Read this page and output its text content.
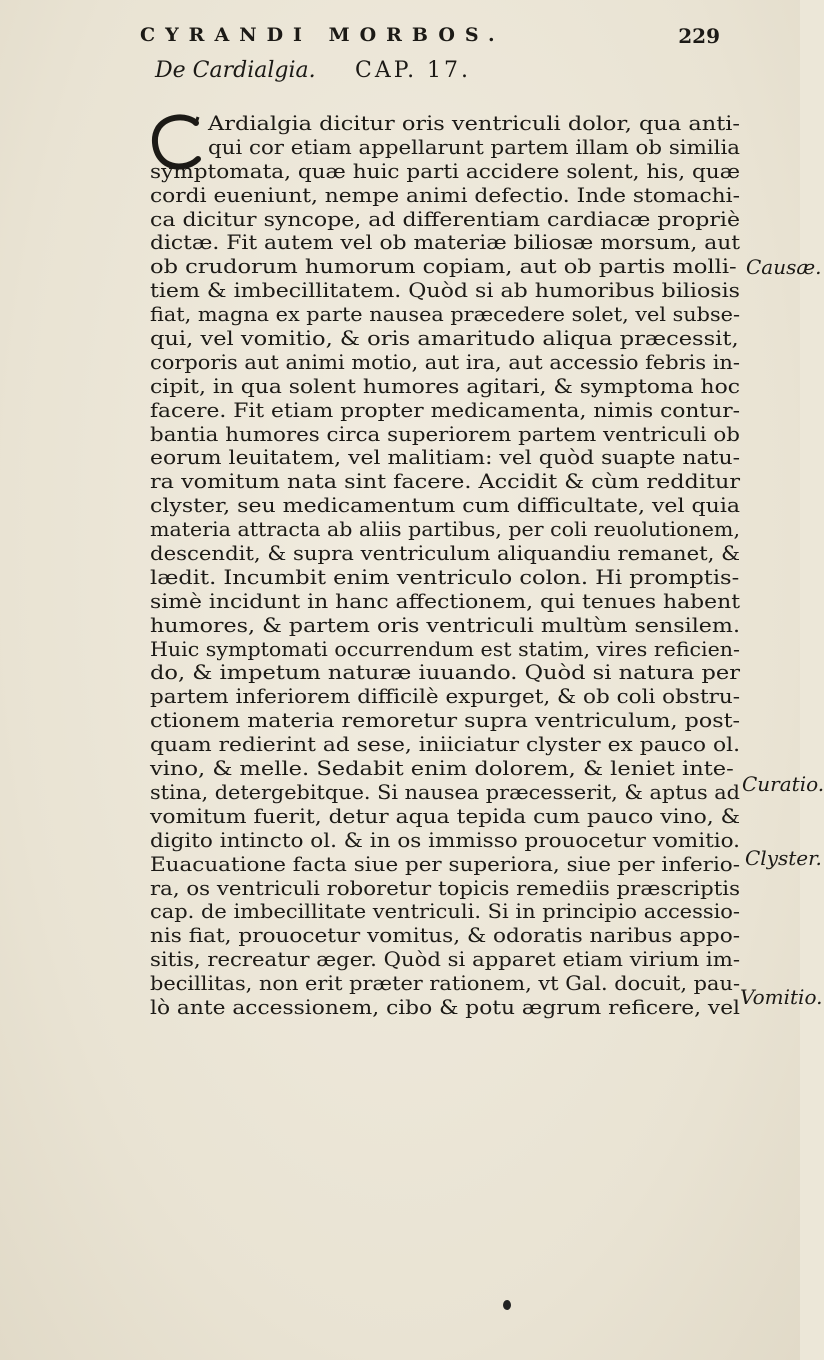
CYRANDI MORBOS.	229
De Cardialgia. CAP. 17.
Ardialgia dicitur oris ventriculi dolor, qua anti-
qui cor etiam appellarunt partem illam ob similia
symptomata, quæ huic parti accidere solent, his, quæ
cordi eueniunt, nempe animi defectio. Inde stomachi-
ca dicitur syncope, ad differentiam cardiacæ propriè
dictæ. Fit autem vel ob materiæ biliosæ morsum, aut
ob crudorum humorum copiam, aut ob partis molli-
tiem & imbecillitatem. Quòd si ab humoribus biliosis
fiat, magna ex parte nausea præcedere solet, vel subse-
qui, vel vomitio, & oris amaritudo aliqua præcessit,
corporis aut animi motio, aut ira, aut accessio febris in-
cipit, in qua solent humores agitari, & symptoma hoc
facere. Fit etiam propter medicamenta, nimis contur-
bantia humores circa superiorem partem ventriculi ob
eorum leuitatem, vel malitiam: vel quòd suapte natu-
ra vomitum nata sint facere. Accidit & cùm redditur
clyster, seu medicamentum cum difficultate, vel quia
materia attracta ab aliis partibus, per coli reuolutionem,
descendit, & supra ventriculum aliquandiu remanet, &
lædit. Incumbit enim ventriculo colon. Hi promptis-
simè incidunt in hanc affectionem, qui tenues habent
humores, & partem oris ventriculi multùm sensilem.
Huic symptomati occurrendum est statim, vires reficien-
do, & impetum naturæ iuuando. Quòd si natura per
partem inferiorem difficilè expurget, & ob coli obstru-
ctionem materia remoretur supra ventriculum, post-
quam redierint ad sese, iniiciatur clyster ex pauco ol.
vino, & melle. Sedabit enim dolorem, & leniet inte-
stina, detergebitque. Si nausea præcesserit, & aptus ad
vomitum fuerit, detur aqua tepida cum pauco vino, &
digito intincto ol. & in os immisso prouocetur vomitio.
Euacuatione facta siue per superiora, siue per inferio-
ra, os ventriculi roboretur topicis remediis præscriptis
cap. de imbecillitate ventriculi. Si in principio accessio-
nis fiat, prouocetur vomitus, & odoratis naribus appo-
sitis, recreatur æger. Quòd si apparet etiam virium im-
becillitas, non erit præter rationem, vt Gal. docuit, pau-
lò ante accessionem, cibo & potu ægrum reficere, vel
Causæ.
Curatio.
Clyster.
Vomitio.
